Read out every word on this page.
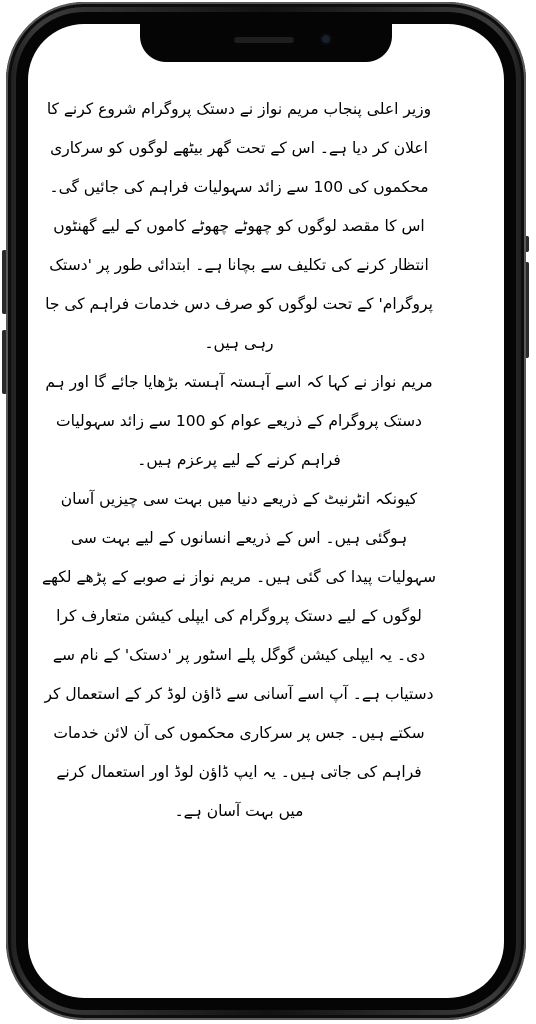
وزیر اعلی پنجاب مریم نواز نے دستک پروگرام شروع کرنے کا اعلان کر دیا ہے۔ اس کے تحت گھر بیٹھے لوگوں کو سرکاری محکموں کی 100 سے زائد سہولیات فراہم کی جائیں گی۔ اس کا مقصد لوگوں کو چھوٹے چھوٹے کاموں کے لیے گھنٹوں انتظار کرنے کی تکلیف سے بچانا ہے۔ ابتدائی طور پر 'دستک پروگرام' کے تحت لوگوں کو صرف دس خدمات فراہم کی جا رہی ہیں۔

مریم نواز نے کہا کہ اسے آہستہ آہستہ بڑھایا جائے گا اور ہم دستک پروگرام کے ذریعے عوام کو 100 سے زائد سہولیات فراہم کرنے کے لیے پرعزم ہیں۔

کیونکہ انٹرنیٹ کے ذریعے دنیا میں بہت سی چیزیں آسان ہوگئی ہیں۔ اس کے ذریعے انسانوں کے لیے بہت سی سہولیات پیدا کی گئی ہیں۔ مریم نواز نے صوبے کے پڑھے لکھے لوگوں کے لیے دستک پروگرام کی ایپلی کیشن متعارف کرا دی۔ یہ ایپلی کیشن گوگل پلے اسٹور پر 'دستک' کے نام سے دستیاب ہے۔ آپ اسے آسانی سے ڈاؤن لوڈ کر کے استعمال کر سکتے ہیں۔ جس پر سرکاری محکموں کی آن لائن خدمات فراہم کی جاتی ہیں۔ یہ ایپ ڈاؤن لوڈ اور استعمال کرنے میں بہت آسان ہے۔
